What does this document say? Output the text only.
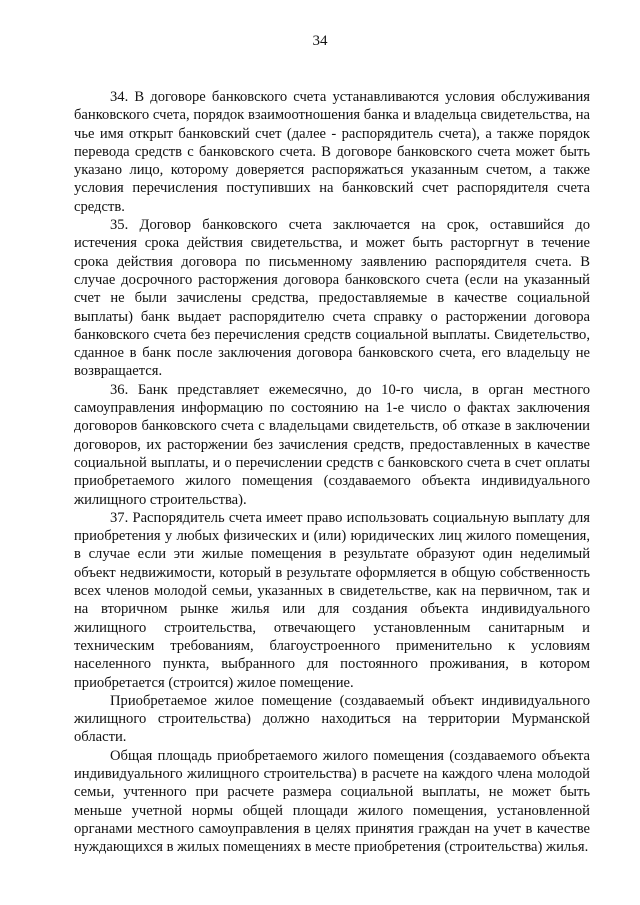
34

34. В договоре банковского счета устанавливаются условия обслуживания банковского счета, порядок взаимоотношения банка и владельца свидетельства, на чье имя открыт банковский счет (далее - распорядитель счета), а также порядок перевода средств с банковского счета. В договоре банковского счета может быть указано лицо, которому доверяется распоряжаться указанным счетом, а также условия перечисления поступивших на банковский счет распорядителя счета средств.

35. Договор банковского счета заключается на срок, оставшийся до истечения срока действия свидетельства, и может быть расторгнут в течение срока действия договора по письменному заявлению распорядителя счета. В случае досрочного расторжения договора банковского счета (если на указанный счет не были зачислены средства, предоставляемые в качестве социальной выплаты) банк выдает распорядителю счета справку о расторжении договора банковского счета без перечисления средств социальной выплаты. Свидетельство, сданное в банк после заключения договора банковского счета, его владельцу не возвращается.

36. Банк представляет ежемесячно, до 10-го числа, в орган местного самоуправления информацию по состоянию на 1-е число о фактах заключения договоров банковского счета с владельцами свидетельств, об отказе в заключении договоров, их расторжении без зачисления средств, предоставленных в качестве социальной выплаты, и о перечислении средств с банковского счета в счет оплаты приобретаемого жилого помещения (создаваемого объекта индивидуального жилищного строительства).

37. Распорядитель счета имеет право использовать социальную выплату для приобретения у любых физических и (или) юридических лиц жилого помещения, в случае если эти жилые помещения в результате образуют один неделимый объект недвижимости, который в результате оформляется в общую собственность всех членов молодой семьи, указанных в свидетельстве, как на первичном, так и на вторичном рынке жилья или для создания объекта индивидуального жилищного строительства, отвечающего установленным санитарным и техническим требованиям, благоустроенного применительно к условиям населенного пункта, выбранного для постоянного проживания, в котором приобретается (строится) жилое помещение.

Приобретаемое жилое помещение (создаваемый объект индивидуального жилищного строительства) должно находиться на территории Мурманской области.

Общая площадь приобретаемого жилого помещения (создаваемого объекта индивидуального жилищного строительства) в расчете на каждого члена молодой семьи, учтенного при расчете размера социальной выплаты, не может быть меньше учетной нормы общей площади жилого помещения, установленной органами местного самоуправления в целях принятия граждан на учет в качестве нуждающихся в жилых помещениях в месте приобретения (строительства) жилья.
